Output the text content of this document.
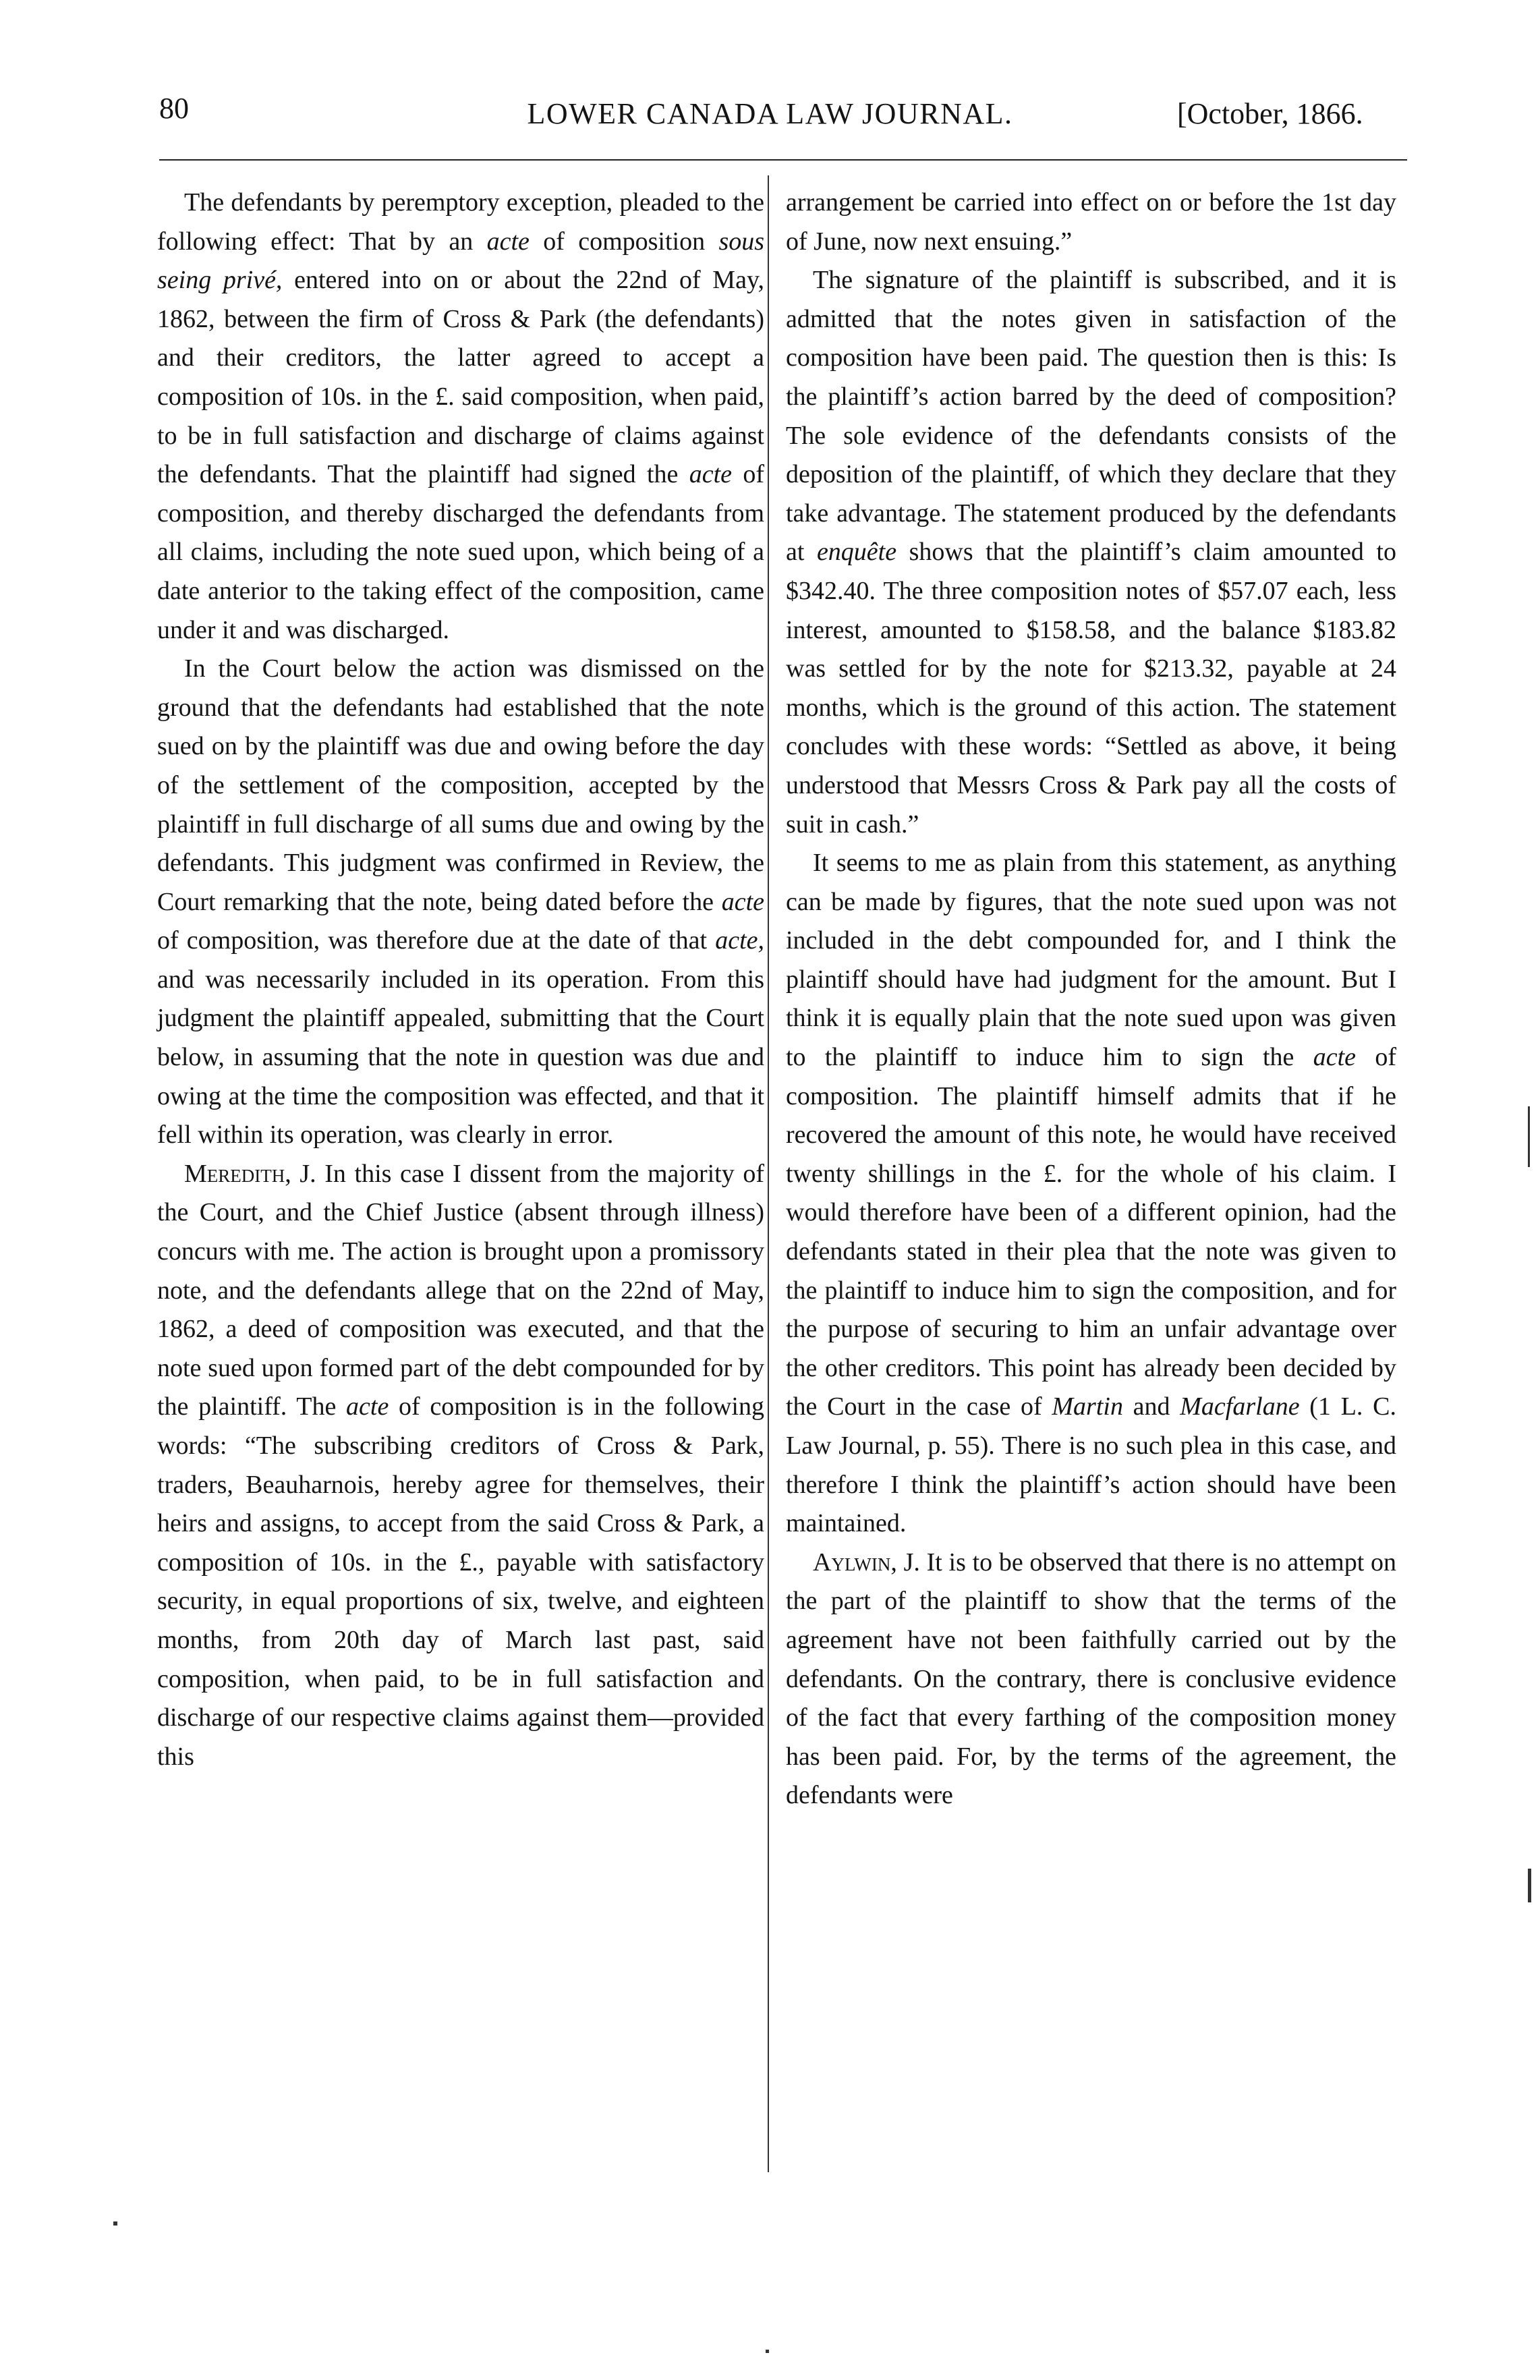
80	LOWER CANADA LAW JOURNAL.	[October, 1866.

The defendants by peremptory exception, pleaded to the following effect: That by an acte of composition sous seing privé, entered into on or about the 22nd of May, 1862, between the firm of Cross & Park (the defendants) and their creditors, the latter agreed to accept a composition of 10s. in the £. said composition, when paid, to be in full satisfaction and discharge of claims against the defendants. That the plaintiff had signed the acte of composition, and thereby discharged the defendants from all claims, including the note sued upon, which being of a date anterior to the taking effect of the composition, came under it and was discharged.

In the Court below the action was dismissed on the ground that the defendants had established that the note sued on by the plaintiff was due and owing before the day of the settlement of the composition, accepted by the plaintiff in full discharge of all sums due and owing by the defendants. This judgment was confirmed in Review, the Court remarking that the note, being dated before the acte of composition, was therefore due at the date of that acte, and was necessarily included in its operation. From this judgment the plaintiff appealed, submitting that the Court below, in assuming that the note in question was due and owing at the time the composition was effected, and that it fell within its operation, was clearly in error.

Meredith, J. In this case I dissent from the majority of the Court, and the Chief Justice (absent through illness) concurs with me. The action is brought upon a promissory note, and the defendants allege that on the 22nd of May, 1862, a deed of composition was executed, and that the note sued upon formed part of the debt compounded for by the plaintiff. The acte of composition is in the following words: “The subscribing creditors of Cross & Park, traders, Beauharnois, hereby agree for themselves, their heirs and assigns, to accept from the said Cross & Park, a composition of 10s. in the £., payable with satisfactory security, in equal proportions of six, twelve, and eighteen months, from 20th day of March last past, said composition, when paid, to be in full satisfaction and discharge of our respective claims against them—provided this

arrangement be carried into effect on or before the 1st day of June, now next ensuing.”

The signature of the plaintiff is subscribed, and it is admitted that the notes given in satisfaction of the composition have been paid. The question then is this: Is the plaintiff’s action barred by the deed of composition? The sole evidence of the defendants consists of the deposition of the plaintiff, of which they declare that they take advantage. The statement produced by the defendants at enquête shows that the plaintiff’s claim amounted to $342.40. The three composition notes of $57.07 each, less interest, amounted to $158.58, and the balance $183.82 was settled for by the note for $213.32, payable at 24 months, which is the ground of this action. The statement concludes with these words: “Settled as above, it being understood that Messrs Cross & Park pay all the costs of suit in cash.”

It seems to me as plain from this statement, as anything can be made by figures, that the note sued upon was not included in the debt compounded for, and I think the plaintiff should have had judgment for the amount. But I think it is equally plain that the note sued upon was given to the plaintiff to induce him to sign the acte of composition. The plaintiff himself admits that if he recovered the amount of this note, he would have received twenty shillings in the £. for the whole of his claim. I would therefore have been of a different opinion, had the defendants stated in their plea that the note was given to the plaintiff to induce him to sign the composition, and for the purpose of securing to him an unfair advantage over the other creditors. This point has already been decided by the Court in the case of Martin and Macfarlane (1 L. C. Law Journal, p. 55). There is no such plea in this case, and therefore I think the plaintiff’s action should have been maintained.

Aylwin, J. It is to be observed that there is no attempt on the part of the plaintiff to show that the terms of the agreement have not been faithfully carried out by the defendants. On the contrary, there is conclusive evidence of the fact that every farthing of the composition money has been paid. For, by the terms of the agreement, the defendants were
